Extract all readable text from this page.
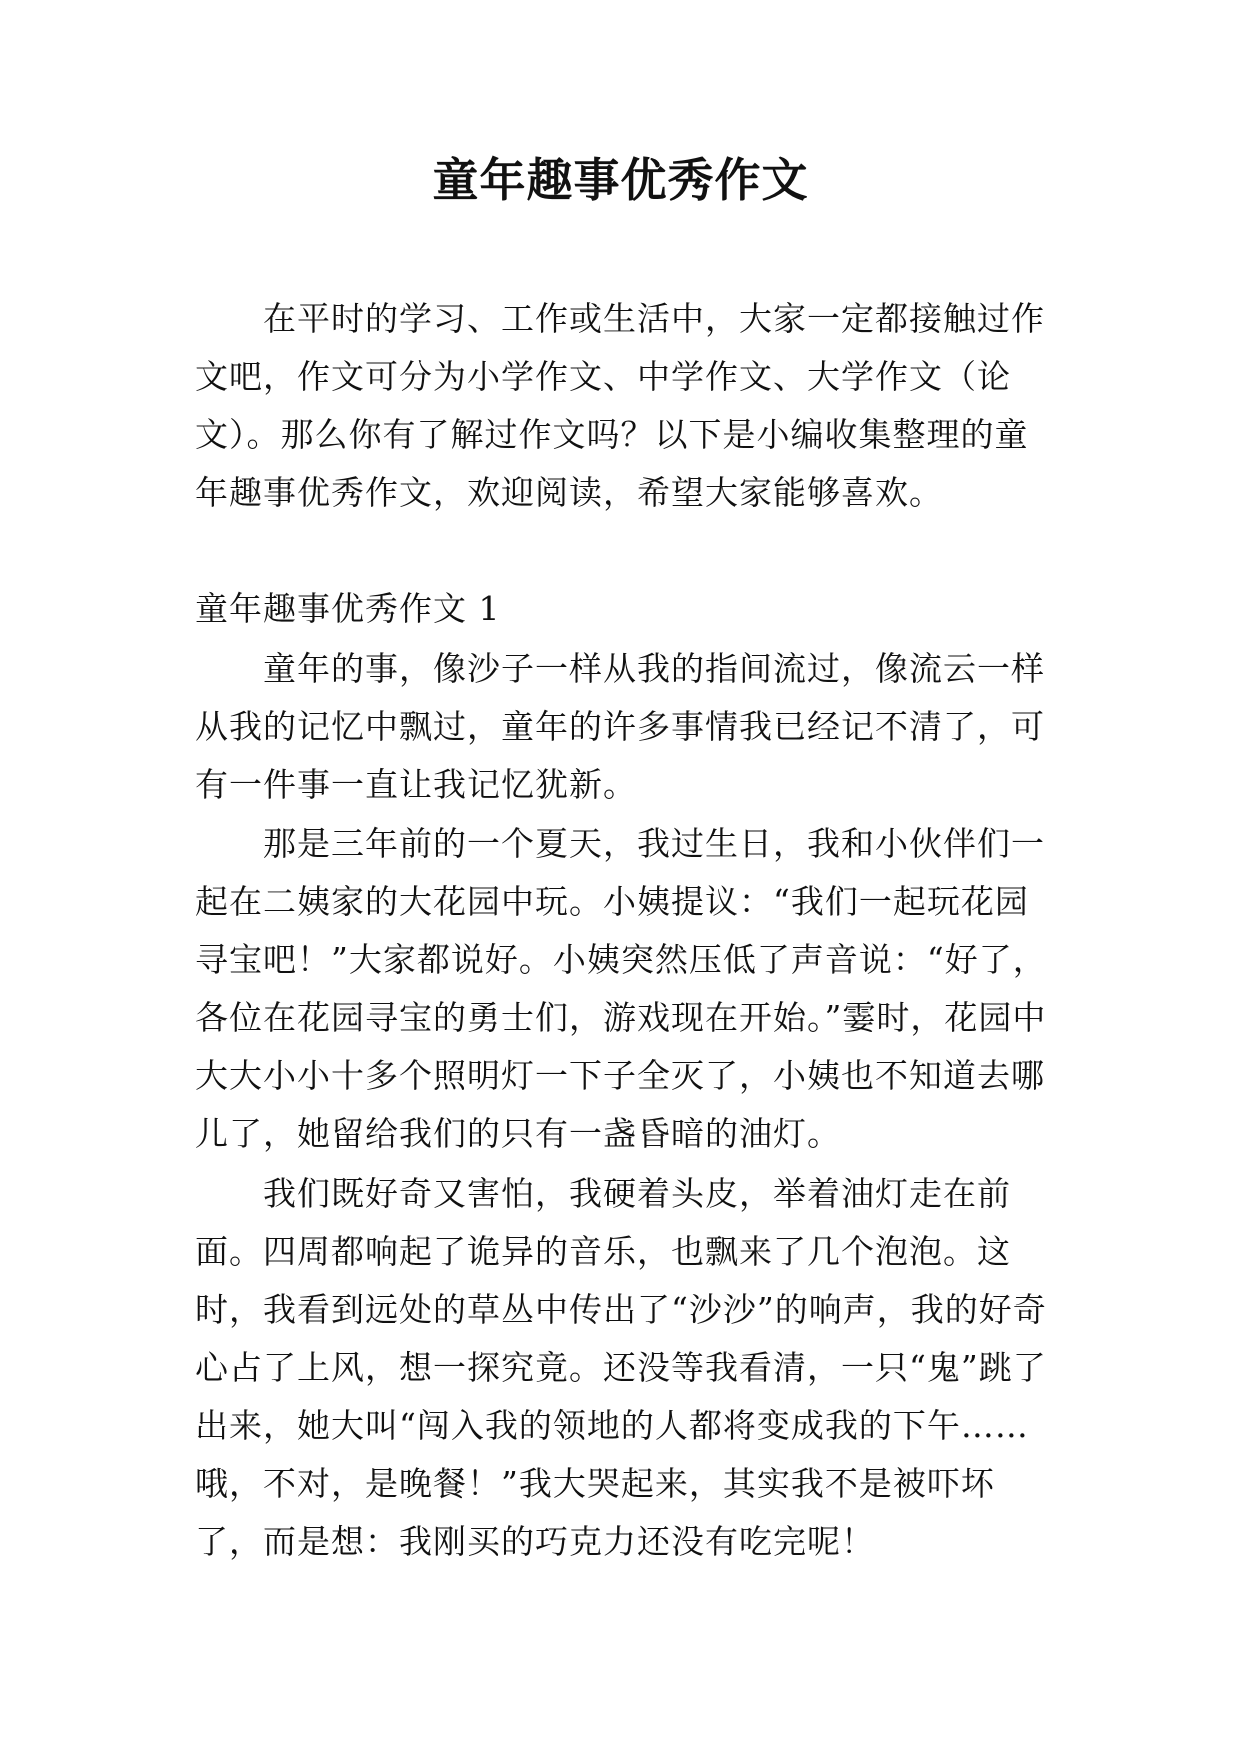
童年趣事优秀作文

在平时的学习、工作或生活中，大家一定都接触过作文吧，作文可分为小学作文、中学作文、大学作文（论文）。那么你有了解过作文吗？以下是小编收集整理的童年趣事优秀作文，欢迎阅读，希望大家能够喜欢。

童年趣事优秀作文 1

童年的事，像沙子一样从我的指间流过，像流云一样从我的记忆中飘过，童年的许多事情我已经记不清了，可有一件事一直让我记忆犹新。

那是三年前的一个夏天，我过生日，我和小伙伴们一起在二姨家的大花园中玩。小姨提议：“我们一起玩花园寻宝吧！”大家都说好。小姨突然压低了声音说：“好了，各位在花园寻宝的勇士们，游戏现在开始。”霎时，花园中大大小小十多个照明灯一下子全灭了，小姨也不知道去哪儿了，她留给我们的只有一盏昏暗的油灯。

我们既好奇又害怕，我硬着头皮，举着油灯走在前面。四周都响起了诡异的音乐，也飘来了几个泡泡。这时，我看到远处的草丛中传出了“沙沙”的响声，我的好奇心占了上风，想一探究竟。还没等我看清，一只“鬼”跳了出来，她大叫“闯入我的领地的人都将变成我的下午……哦，不对，是晚餐！”我大哭起来，其实我不是被吓坏了，而是想：我刚买的巧克力还没有吃完呢！
